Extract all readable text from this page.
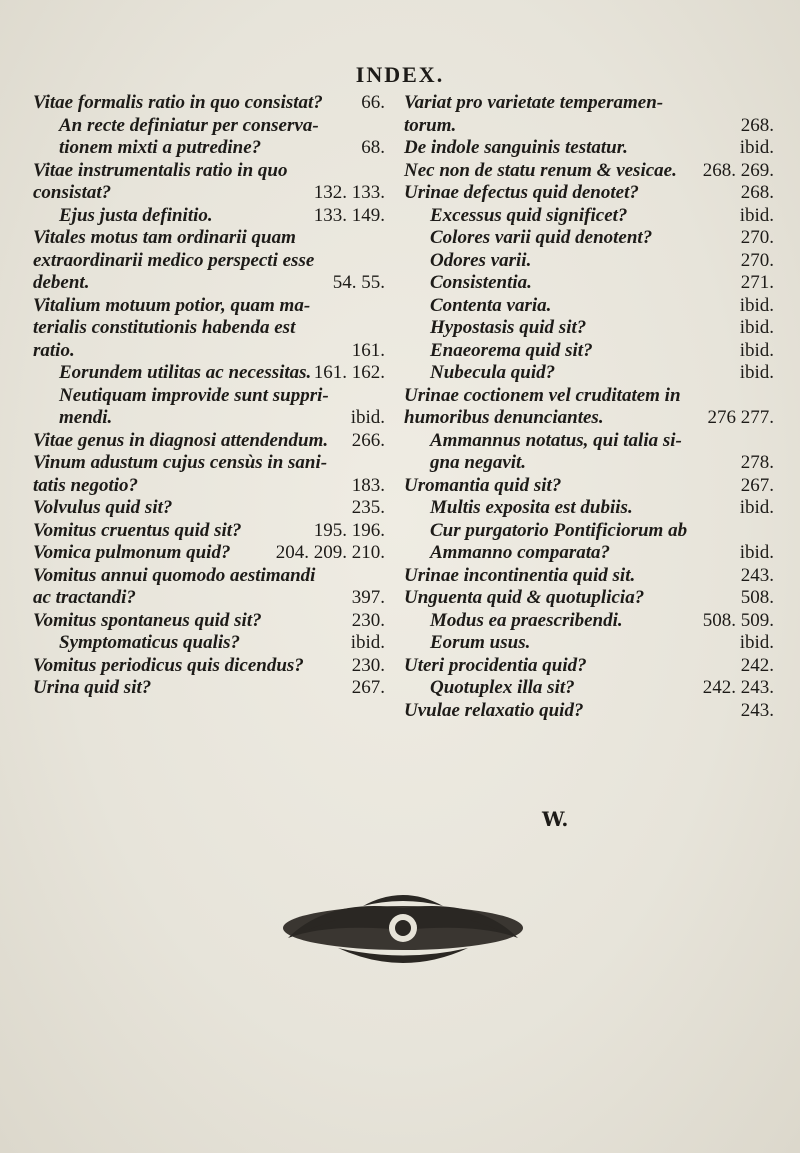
INDEX.
Vitae formalis ratio in quo consistat? 66.
An recte definiatur per conserva-
tionem mixti a putredine?	68.
Vitae instrumentalis ratio in quo
consistat?	132. 133.
Ejus justa definitio.	133. 149.
Vitales motus tam ordinarii quam
extraordinarii medico perspecti esse
debent.	54. 55.
Vitalium motuum potior, quam ma-
terialis constitutionis habenda est
ratio.	161.
Eorundem utilitas ac necessitas. 161. 162.
Neutiquam improvide sunt suppri-
mendi.	ibid.
Vitae genus in diagnosi attendendum. 266.
Vinum adustum cujus censùs in sani-
tatis negotio?	183.
Volvulus quid sit?	235.
Vomitus cruentus quid sit?	195. 196.
Vomica pulmonum quid? 204. 209. 210.
Vomitus annui quomodo aestimandi
ac tractandi?	397.
Vomitus spontaneus quid sit?	230.
Symptomaticus qualis?	ibid.
Vomitus periodicus quis dicendus?	230.
Urina quid sit?	267.
Variat pro varietate temperamen-
torum.	268.
De indole sanguinis testatur.	ibid.
Nec non de statu renum & vesicae. 268. 269.
Urinae defectus quid denotet?	268.
Excessus quid significet?	ibid.
Colores varii quid denotent?	270.
Odores varii.	270.
Consistentia.	271.
Contenta varia.	ibid.
Hypostasis quid sit?	ibid.
Enaeorema quid sit?	ibid.
Nubecula quid?	ibid.
Urinae coctionem vel cruditatem in
humoribus denunciantes.	276 277.
Ammannus notatus, qui talia si-
gna negavit.	278.
Uromantia quid sit?	267.
Multis exposita est dubiis.	ibid.
Cur purgatorio Pontificiorum ab
Ammanno comparata?	ibid.
Urinae incontinentia quid sit.	243.
Unguenta quid & quotuplicia?	508.
Modus ea praescribendi.	508. 509.
Eorum usus.	ibid.
Uteri procidentia quid?	242.
Quotuplex illa sit?	242. 243.
Uvulae relaxatio quid?	243.
W.
